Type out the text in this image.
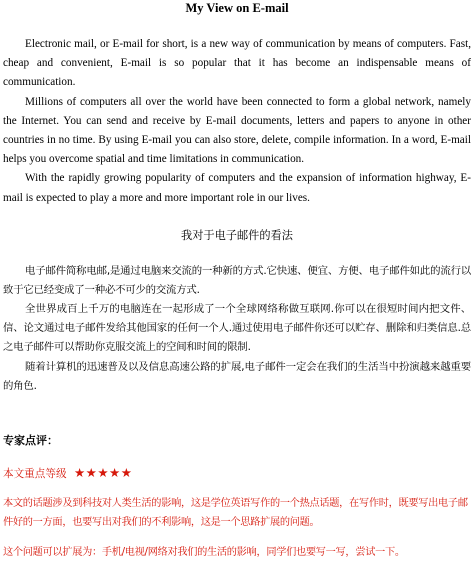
My View on E-mail

Electronic mail, or E-mail for short, is a new way of communication by means of computers. Fast, cheap and convenient, E-mail is so popular that it has become an indispensable means of communication.

Millions of computers all over the world have been connected to form a global network, namely the Internet. You can send and receive by E-mail documents, letters and papers to anyone in other countries in no time. By using E-mail you can also store, delete, compile information. In a word, E-mail helps you overcome spatial and time limitations in communication.

With the rapidly growing popularity of computers and the expansion of information highway, E-mail is expected to play a more and more important role in our lives.

我对于电子邮件的看法

电子邮件简称电邮,是通过电脑来交流的一种新的方式.它快速、便宜、方便、电子邮件如此的流行以致于它已经变成了一种必不可少的交流方式.

全世界成百上千万的电脑连在一起形成了一个全球网络称做互联网.你可以在很短时间内把文件、信、论文通过电子邮件发给其他国家的任何一个人.通过使用电子邮件你还可以贮存、删除和归类信息.总之电子邮件可以帮助你克服交流上的空间和时间的限制.

随着计算机的迅速普及以及信息高速公路的扩展,电子邮件一定会在我们的生活当中扮演越来越重要的角色.

专家点评：
本文重点等级 ★★★★★

本文的话题涉及到科技对人类生活的影响，这是学位英语写作的一个热点话题，在写作时，既要写出电子邮件好的一方面，也要写出对我们的不利影响，这是一个思路扩展的问题。

这个问题可以扩展为：手机/电视/网络对我们的生活的影响，同学们也要写一写，尝试一下。
